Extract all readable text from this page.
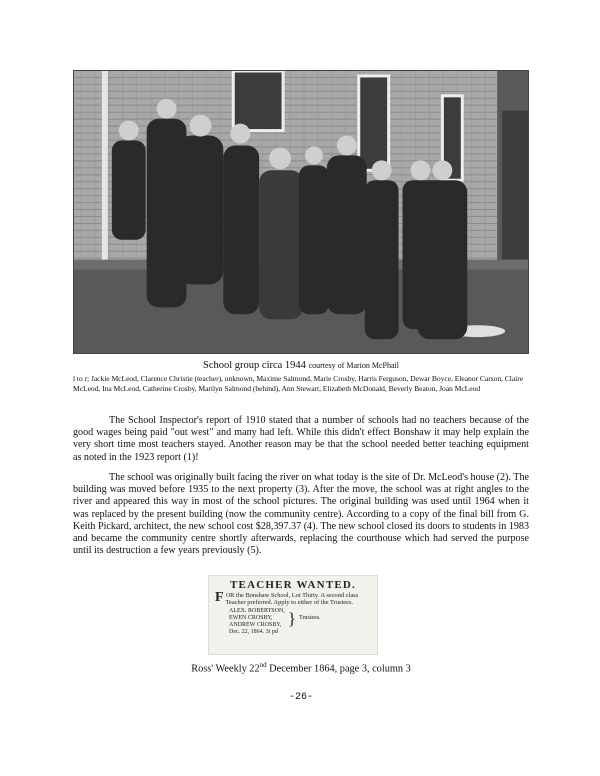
School group circa 1944 courtesy of Marion McPhail
l to r; Jackie McLeod, Clarence Christie (teacher), unknown, Maxime Salmond, Marie Crosby, Harris Ferguson, Dewar Boyce, Eleanor Carson, Claire McLeod, Ina McLeod, Catherine Crosby, Marilyn Salmond (behind), Ann Stewart, Elizabeth McDonald, Beverly Beaton, Joan McLeod

The School Inspector's report of 1910 stated that a number of schools had no teachers because of the good wages being paid "out west" and many had left. While this didn't effect Bonshaw it may help explain the very short time most teachers stayed. Another reason may be that the school needed better teaching equipment as noted in the 1923 report (1)!

The school was originally built facing the river on what today is the site of Dr. McLeod's house (2). The building was moved before 1935 to the next property (3). After the move, the school was at right angles to the river and appeared this way in most of the school pictures. The original building was used until 1964 when it was replaced by the present building (now the community centre). According to a copy of the final bill from G. Keith Pickard, architect, the new school cost $28,397.37 (4). The new school closed its doors to students in 1983 and became the community centre shortly afterwards, replacing the courthouse which had served the purpose until its destruction a few years previously (5).

TEACHER WANTED.
FOR the Bonshaw School, Lot Thirty. A second class Teacher preferred. Apply to either of the Trustees.
ALEX. ROBERTSON,
EWEN CROSBY,
ANDREW CROSBY, } Trustees.
Dec. 22, 1864. 3i pd
Ross' Weekly 22nd December 1864, page 3, column 3
-26-
